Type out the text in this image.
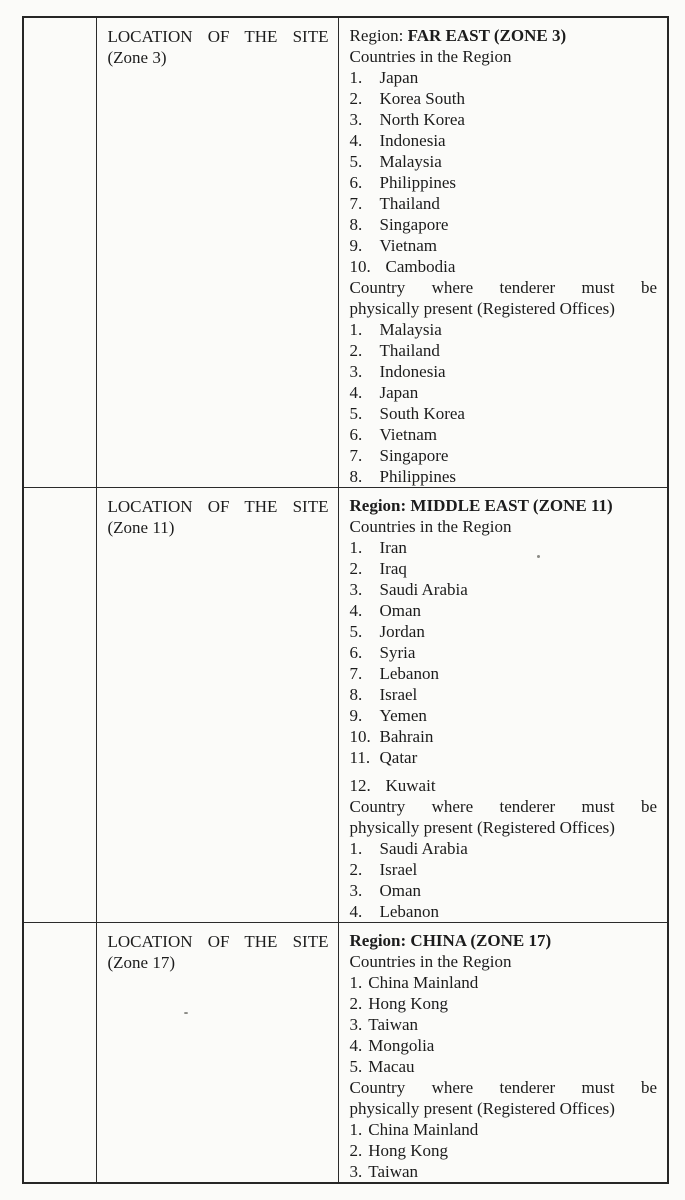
LOCATION OF THE SITE
(Zone 3)

Region: FAR EAST (ZONE 3)
Countries in the Region
1. Japan
2. Korea South
3. North Korea
4. Indonesia
5. Malaysia
6. Philippines
7. Thailand
8. Singapore
9. Vietnam
10. Cambodia
Country where tenderer must be
physically present (Registered Offices)
1. Malaysia
2. Thailand
3. Indonesia
4. Japan
5. South Korea
6. Vietnam
7. Singapore
8. Philippines

LOCATION OF THE SITE
(Zone 11)

Region: MIDDLE EAST (ZONE 11)
Countries in the Region
1. Iran
2. Iraq
3. Saudi Arabia
4. Oman
5. Jordan
6. Syria
7. Lebanon
8. Israel
9. Yemen
10. Bahrain
11. Qatar
12. Kuwait
Country where tenderer must be
physically present (Registered Offices)
1. Saudi Arabia
2. Israel
3. Oman
4. Lebanon

LOCATION OF THE SITE
(Zone 17)

Region: CHINA (ZONE 17)
Countries in the Region
1. China Mainland
2. Hong Kong
3. Taiwan
4. Mongolia
5. Macau
Country where tenderer must be
physically present (Registered Offices)
1. China Mainland
2. Hong Kong
3. Taiwan
